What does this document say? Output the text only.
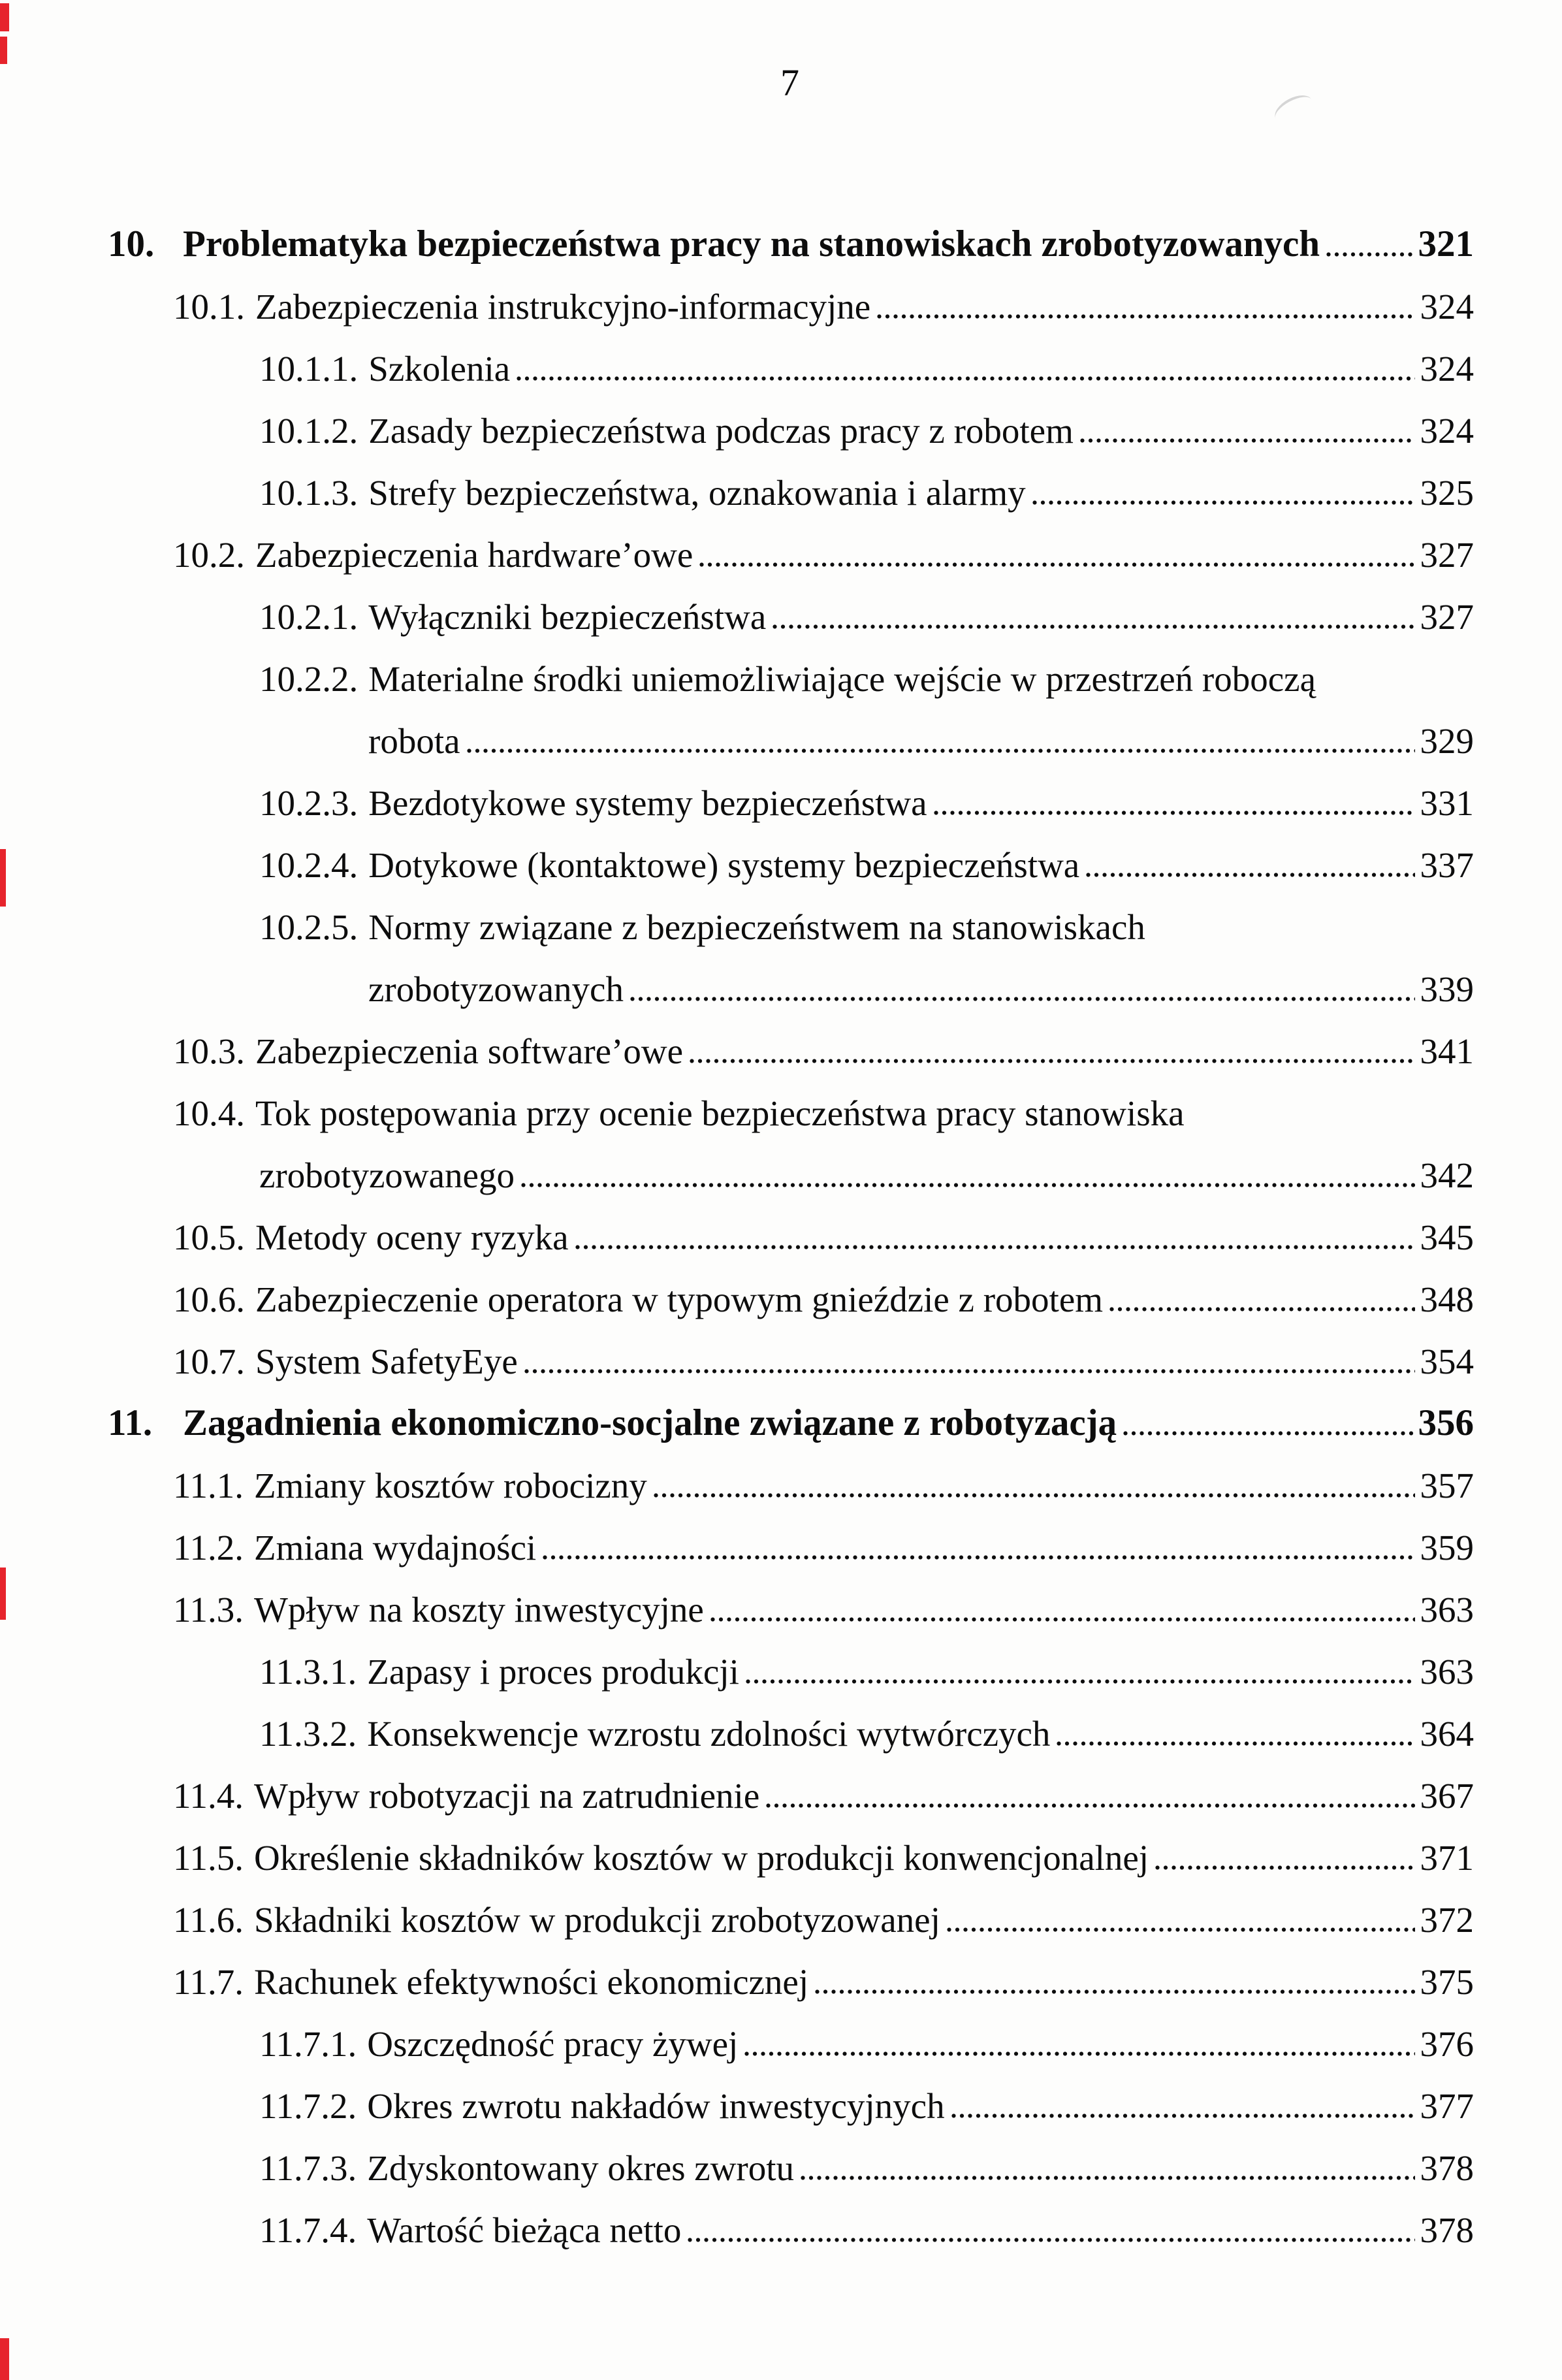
7
10. Problematyka bezpieczeństwa pracy na stanowiskach zrobotyzowanych	321
10.1. Zabezpieczenia instrukcyjno-informacyjne	324
10.1.1. Szkolenia	324
10.1.2. Zasady bezpieczeństwa podczas pracy z robotem	324
10.1.3. Strefy bezpieczeństwa, oznakowania i alarmy	325
10.2. Zabezpieczenia hardware’owe	327
10.2.1. Wyłączniki bezpieczeństwa	327
10.2.2. Materialne środki uniemożliwiające wejście w przestrzeń roboczą
robota	329
10.2.3. Bezdotykowe systemy bezpieczeństwa	331
10.2.4. Dotykowe (kontaktowe) systemy bezpieczeństwa	337
10.2.5. Normy związane z bezpieczeństwem na stanowiskach
zrobotyzowanych	339
10.3. Zabezpieczenia software’owe	341
10.4. Tok postępowania przy ocenie bezpieczeństwa pracy stanowiska
zrobotyzowanego	342
10.5. Metody oceny ryzyka	345
10.6. Zabezpieczenie operatora w typowym gnieździe z robotem	348
10.7. System SafetyEye	354
11. Zagadnienia ekonomiczno-socjalne związane z robotyzacją	356
11.1. Zmiany kosztów robocizny	357
11.2. Zmiana wydajności	359
11.3. Wpływ na koszty inwestycyjne	363
11.3.1. Zapasy i proces produkcji	363
11.3.2. Konsekwencje wzrostu zdolności wytwórczych	364
11.4. Wpływ robotyzacji na zatrudnienie	367
11.5. Określenie składników kosztów w produkcji konwencjonalnej	371
11.6. Składniki kosztów w produkcji zrobotyzowanej	372
11.7. Rachunek efektywności ekonomicznej	375
11.7.1. Oszczędność pracy żywej	376
11.7.2. Okres zwrotu nakładów inwestycyjnych	377
11.7.3. Zdyskontowany okres zwrotu	378
11.7.4. Wartość bieżąca netto	378
